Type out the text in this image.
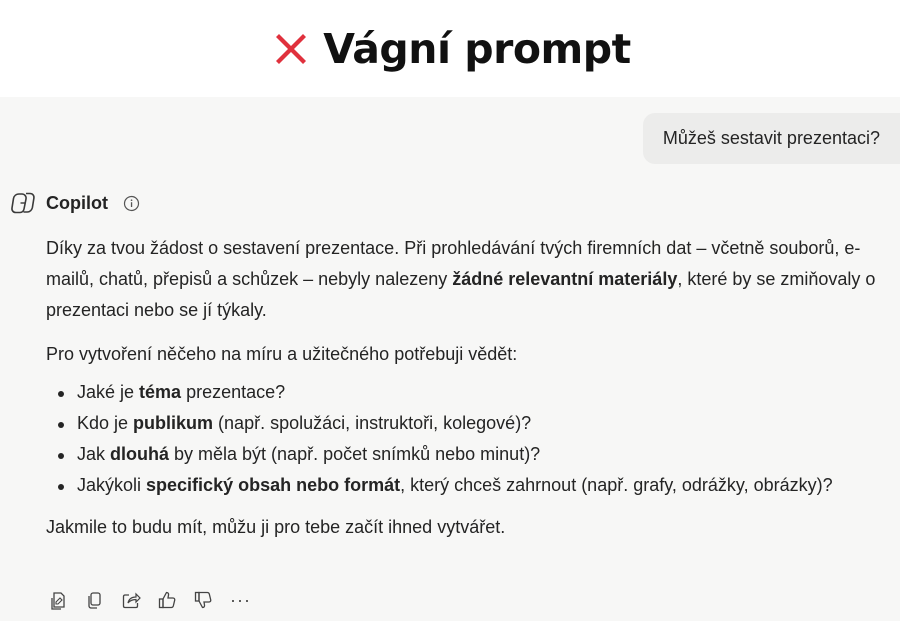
Vágní prompt
Můžeš sestavit prezentaci?
Copilot

Díky za tvou žádost o sestavení prezentace. Při prohledávání tvých firemních dat – včetně souborů, e-mailů, chatů, přepisů a schůzek – nebyly nalezeny žádné relevantní materiály, které by se zmiňovaly o prezentaci nebo se jí týkaly.

Pro vytvoření něčeho na míru a užitečného potřebuji vědět:

Jaké je téma prezentace?
Kdo je publikum (např. spolužáci, instruktoři, kolegové)?
Jak dlouhá by měla být (např. počet snímků nebo minut)?
Jakýkoli specifický obsah nebo formát, který chceš zahrnout (např. grafy, odrážky, obrázky)?

Jakmile to budu mít, můžu ji pro tebe začít ihned vytvářet.

···
